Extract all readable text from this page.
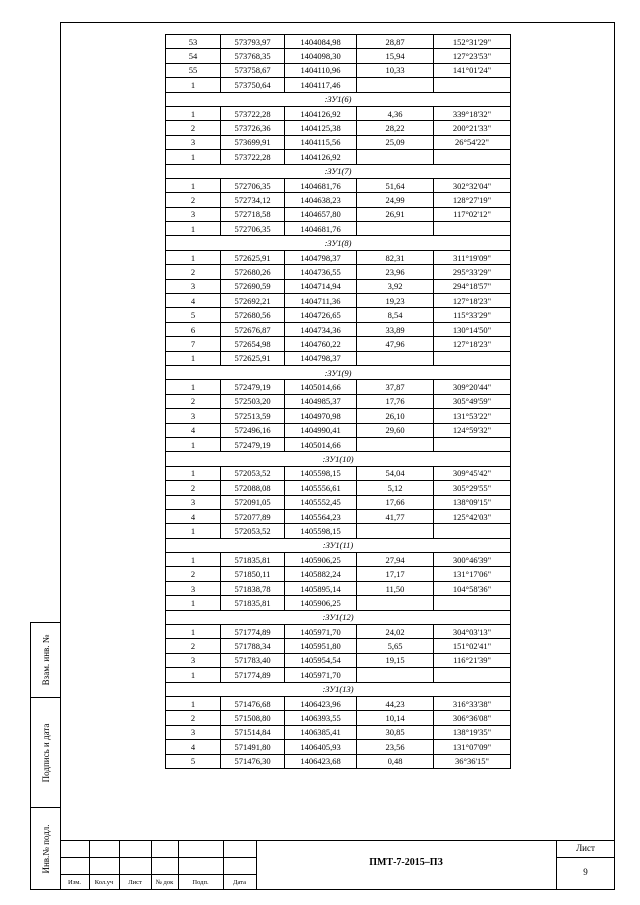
Взам. инв. №
Подпись и дата
Инв.№ подл.
53	573793,97	1404084,98	28,87	152°31'29"
54	573768,35	1404098,30	15,94	127°23'53"
55	573758,67	1404110,96	10,33	141°01'24"
1	573750,64	1404117,46		
:ЗУ1(6)				
1	573722,28	1404126,92	4,36	339°18'32"
2	573726,36	1404125,38	28,22	200°21'33"
3	573699,91	1404115,56	25,09	26°54'22"
1	573722,28	1404126,92		
:ЗУ1(7)				
1	572706,35	1404681,76	51,64	302°32'04"
2	572734,12	1404638,23	24,99	128°27'19"
3	572718,58	1404657,80	26,91	117°02'12"
1	572706,35	1404681,76		
:ЗУ1(8)				
1	572625,91	1404798,37	82,31	311°19'09"
2	572680,26	1404736,55	23,96	295°33'29"
3	572690,59	1404714,94	3,92	294°18'57"
4	572692,21	1404711,36	19,23	127°18'23"
5	572680,56	1404726,65	8,54	115°33'29"
6	572676,87	1404734,36	33,89	130°14'50"
7	572654,98	1404760,22	47,96	127°18'23"
1	572625,91	1404798,37		
:ЗУ1(9)				
1	572479,19	1405014,66	37,87	309°20'44"
2	572503,20	1404985,37	17,76	305°49'59"
3	572513,59	1404970,98	26,10	131°53'22"
4	572496,16	1404990,41	29,60	124°59'32"
1	572479,19	1405014,66		
:ЗУ1(10)				
1	572053,52	1405598,15	54,04	309°45'42"
2	572088,08	1405556,61	5,12	305°29'55"
3	572091,05	1405552,45	17,66	138°09'15"
4	572077,89	1405564,23	41,77	125°42'03"
1	572053,52	1405598,15		
:ЗУ1(11)				
1	571835,81	1405906,25	27,94	300°46'39"
2	571850,11	1405882,24	17,17	131°17'06"
3	571838,78	1405895,14	11,50	104°58'36"
1	571835,81	1405906,25		
:ЗУ1(12)				
1	571774,89	1405971,70	24,02	304°03'13"
2	571788,34	1405951,80	5,65	151°02'41"
3	571783,40	1405954,54	19,15	116°21'39"
1	571774,89	1405971,70		
:ЗУ1(13)				
1	571476,68	1406423,96	44,23	316°33'38"
2	571508,80	1406393,55	10,14	306°36'08"
3	571514,84	1406385,41	30,85	138°19'35"
4	571491,80	1406405,93	23,56	131°07'09"
5	571476,30	1406423,68	0,48	36°36'15"
Изм.	Кол.уч	Лист	№ док	Подп.	Дата
ПМТ-7-2015–ПЗ
Лист
9
